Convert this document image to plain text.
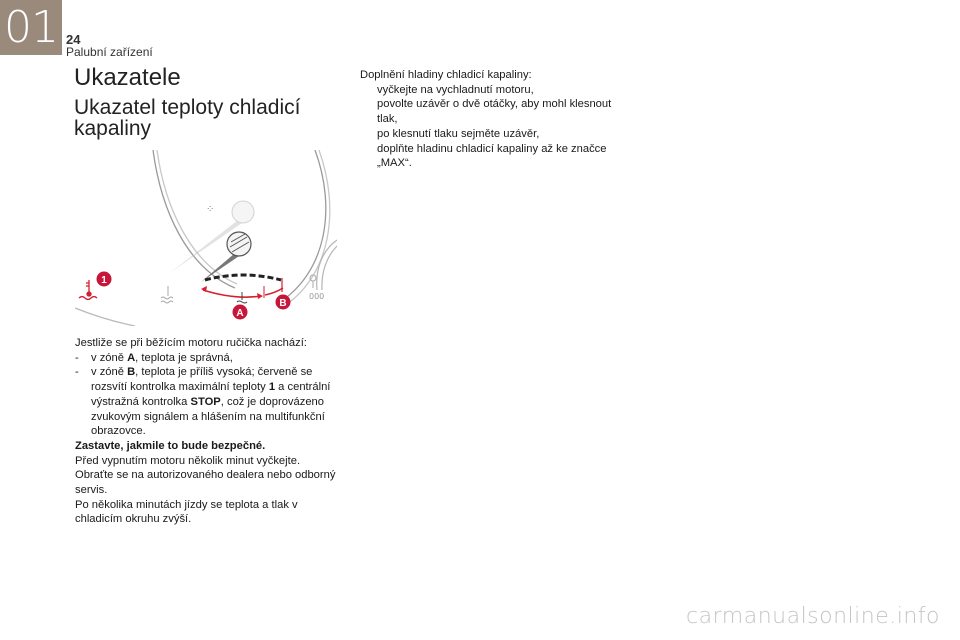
01 24
Palubní zařízení
Ukazatele
Ukazatel teploty chladicí kapaliny
⁘
000
1
B
A

Jestliže se při běžícím motoru ručička nachází:

-	v zóně A, teplota je správná,
-	v zóně B, teplota je příliš vysoká; červeně se rozsvítí kontrolka maximální teploty 1 a centrální výstražná kontrolka STOP, což je doprovázeno zvukovým signálem a hlášením na multifunkční obrazovce.

Zastavte, jakmile to bude bezpečné.

Před vypnutím motoru několik minut vyčkejte.

Obraťte se na autorizovaného dealera nebo odborný servis.

Po několika minutách jízdy se teplota a tlak v chladicím okruhu zvýší.

Doplnění hladiny chladicí kapaliny:

vyčkejte na vychladnutí motoru,
povolte uzávěr o dvě otáčky, aby mohl klesnout tlak,
po klesnutí tlaku sejměte uzávěr,
doplňte hladinu chladicí kapaliny až ke značce „MAX“.
carmanualsonline.info
